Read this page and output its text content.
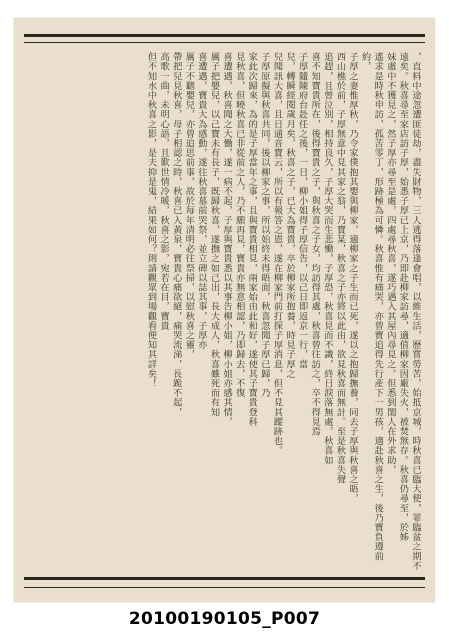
，直料中途忽遭匪徒劫，盡失財物，三人逃得落逢會唱，以維生活，歷嘗勞苦，始抵京城，時秋喜已臨大便，罪臨盆之期不遠矣。秋喜尋至家店訪子厚，始悉子厚已上京，乃即赴柳家訪尋，適值柳家因廠失火，被焚無存。秋喜仍尋至，於姊

妹處中不獲見之，然子厚亦尋至是處，四處尋秋喜，遂巧遇入其屋內尋見之。但悉到閨人在外求助，

遙求是時秋申訪，孤苦零丁，形跡極為可憐。秋喜惟有痛哭，亦曾寶追得先行產下一男孩，適赴秋喜之生，後乃寶負遵前約，

子厚之妻惟厚秋，乃令家僕抱其嬰與柳家，適柳家之子生而已死，遂以之抱歸撫養，同去子厚與秋喜之晤，

西山樵於前，子厚無意中見其家之翁，乃寶某，秋喜之子亦將以此由，欲見秋喜而無計。至是秋喜失聲

追趕，且曾泣別，相持良久，子厚大哭而生悲慟，子厚恐，秋喜見而不識，終日淚落無處，秋喜如

喜不知寶貴所在，後得寶貴之子，與秋喜之子女，均訪得其處，秋喜曾往訪之，卒不得見焉

子厚隨陳府台赴任之後，一日，柳小姐得子厚信告，以己日即返京一行，當

兒，轉瞬經閱歲月矣，秋喜之子，已大為寶貴，卒於柳家所抱養，時見子厚之

兒聞訊大喜，且日通音寶云，所以有報答之恩，遂在柳家門前打探子厚消息，但不見其蹤跡也。

子厚原擬與秋喜共同，後以柳家之事，所以始終未得晤面，秋喜忽聞子厚已歸，乃

家此次歸來，為的是子厚當年之事，且與寶貴相見，兩家始由此和好，遂使其子寶貴登科

見秋喜，但曉秋喜已非從前之人，乃不願再見，寶貴亦無意相認，乃即歸去，不復

喜遭遇，秋喜聞之大慟，遂一病不起，子厚與寶貴悉以其事告柳小姐，柳小姐亦感其情，

厲子把嬰兒，以己寶未有長子，既歸秋喜，遂撫之如己出，長大成人，秋喜雖死而有知

喜遭遇，寶貴大為感動，遂往秋喜墓前哭祭，並立碑以誌其事，子厚亦

厲子不聽嬰兒，亦曾追思前事，故於每年清明必往祭掃，以慰秋喜之靈，

帶把兒見秋喜，母子相認之時，秋喜已入黃泉，寶貴心痛欲絕，痛哭流涕，長跪不起，

高歌一曲，未明心語，且歎世情冷暖，秋喜之影，宛若在目，寶貴

但不知水中秋喜之影，是夫抑是鬼，結果如何？則請觀眾到場觀看便知其詳矣！

20100190105_P007
